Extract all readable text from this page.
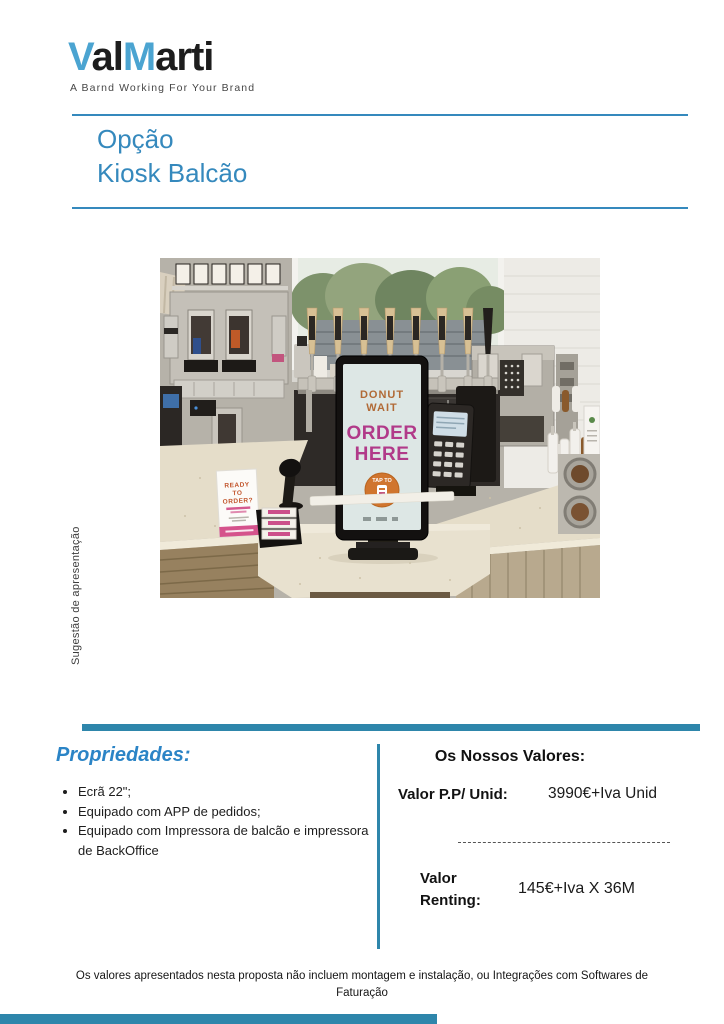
ValMarti
A Barnd Working For Your Brand
Opção
Kiosk Balcão
Sugestão de apresentação
DONUT
WAIT
ORDER
HERE
TAP TO
READY
TO
ORDER?
Propriedades:
• Ecrã 22";
• Equipado com APP de pedidos;
• Equipado com Impressora de balcão e impressora de BackOffice
Os Nossos Valores:
Valor P.P/ Unid:	3990€+Iva Unid
Valor Renting:
145€+Iva X 36M
Os valores apresentados nesta proposta não incluem montagem e instalação, ou Integrações com Softwares de Faturação
